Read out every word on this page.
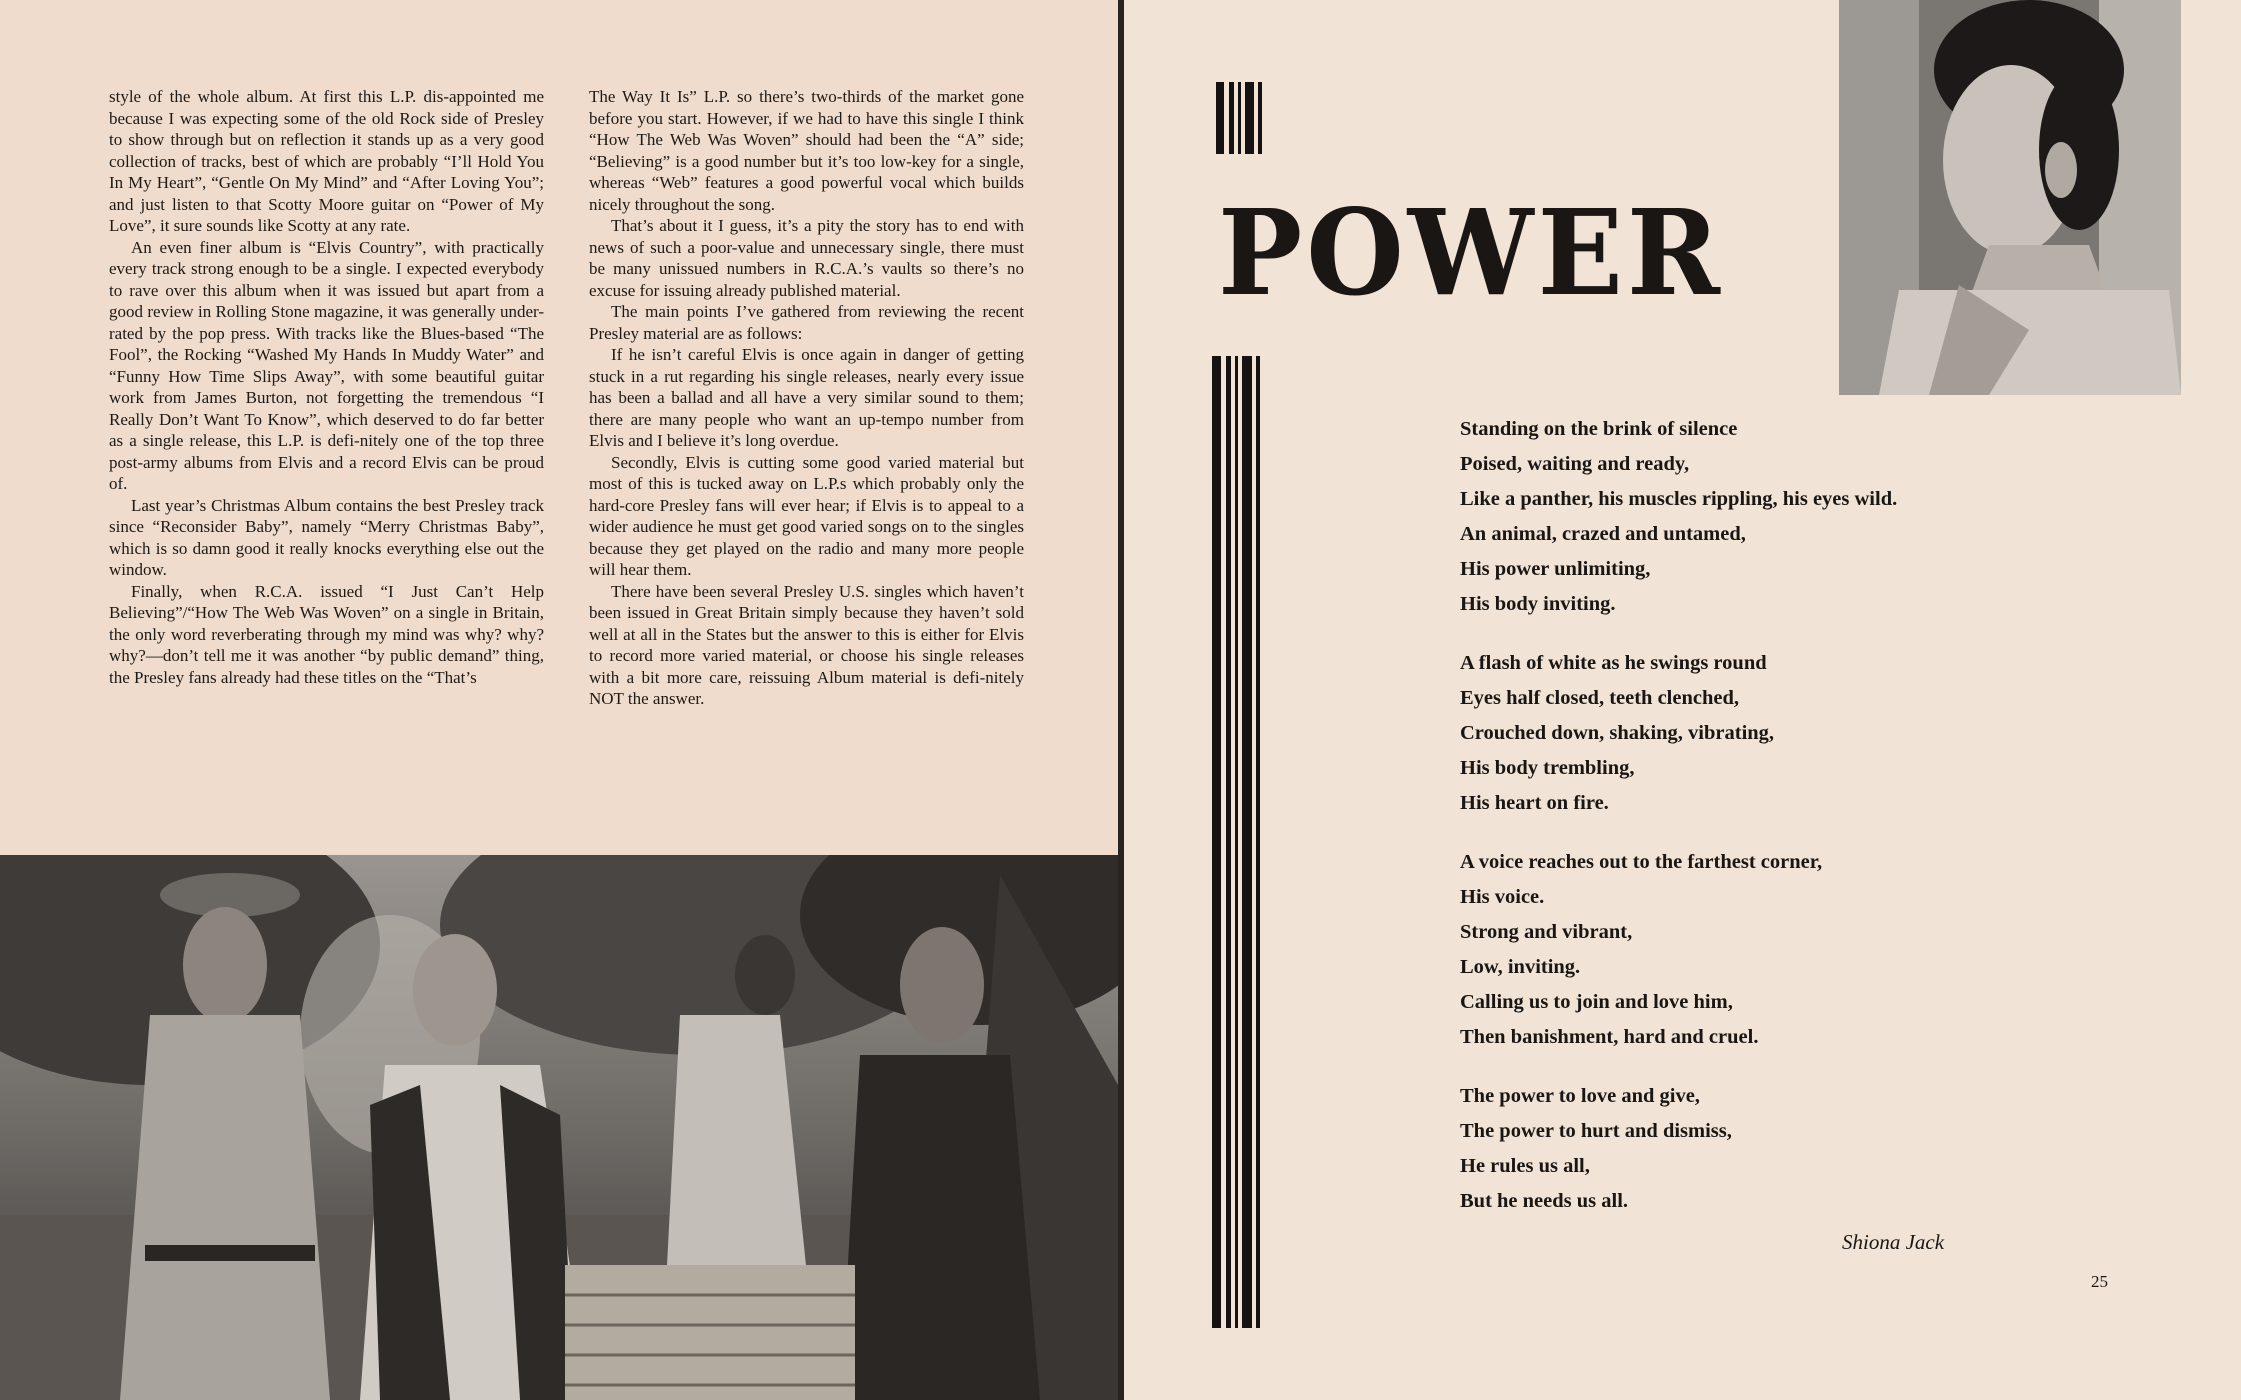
style of the whole album. At first this L.P. dis-appointed me because I was expecting some of the old Rock side of Presley to show through but on reflection it stands up as a very good collection of tracks, best of which are probably “I’ll Hold You In My Heart”, “Gentle On My Mind” and “After Loving You”; and just listen to that Scotty Moore guitar on “Power of My Love”, it sure sounds like Scotty at any rate.

An even finer album is “Elvis Country”, with practically every track strong enough to be a single. I expected everybody to rave over this album when it was issued but apart from a good review in Rolling Stone magazine, it was generally under-rated by the pop press. With tracks like the Blues-based “The Fool”, the Rocking “Washed My Hands In Muddy Water” and “Funny How Time Slips Away”, with some beautiful guitar work from James Burton, not forgetting the tremendous “I Really Don’t Want To Know”, which deserved to do far better as a single release, this L.P. is defi-nitely one of the top three post-army albums from Elvis and a record Elvis can be proud of.

Last year’s Christmas Album contains the best Presley track since “Reconsider Baby”, namely “Merry Christmas Baby”, which is so damn good it really knocks everything else out the window.

Finally, when R.C.A. issued “I Just Can’t Help Believing”/“How The Web Was Woven” on a single in Britain, the only word reverberating through my mind was why? why? why?—don’t tell me it was another “by public demand” thing, the Presley fans already had these titles on the “That’s

The Way It Is” L.P. so there’s two-thirds of the market gone before you start. However, if we had to have this single I think “How The Web Was Woven” should had been the “A” side; “Believing” is a good number but it’s too low-key for a single, whereas “Web” features a good powerful vocal which builds nicely throughout the song.

That’s about it I guess, it’s a pity the story has to end with news of such a poor-value and unnecessary single, there must be many unissued numbers in R.C.A.’s vaults so there’s no excuse for issuing already published material.

The main points I’ve gathered from reviewing the recent Presley material are as follows:

If he isn’t careful Elvis is once again in danger of getting stuck in a rut regarding his single releases, nearly every issue has been a ballad and all have a very similar sound to them; there are many people who want an up-tempo number from Elvis and I believe it’s long overdue.

Secondly, Elvis is cutting some good varied material but most of this is tucked away on L.P.s which probably only the hard-core Presley fans will ever hear; if Elvis is to appeal to a wider audience he must get good varied songs on to the singles because they get played on the radio and many more people will hear them.

There have been several Presley U.S. singles which haven’t been issued in Great Britain simply because they haven’t sold well at all in the States but the answer to this is either for Elvis to record more varied material, or choose his single releases with a bit more care, reissuing Album material is defi-nitely NOT the answer.

POWER
Standing on the brink of silence
Poised, waiting and ready,
Like a panther, his muscles rippling, his eyes wild.
An animal, crazed and untamed,
His power unlimiting,
His body inviting.
A flash of white as he swings round
Eyes half closed, teeth clenched,
Crouched down, shaking, vibrating,
His body trembling,
His heart on fire.
A voice reaches out to the farthest corner,
His voice.
Strong and vibrant,
Low, inviting.
Calling us to join and love him,
Then banishment, hard and cruel.
The power to love and give,
The power to hurt and dismiss,
He rules us all,
But he needs us all.
Shiona Jack
25
